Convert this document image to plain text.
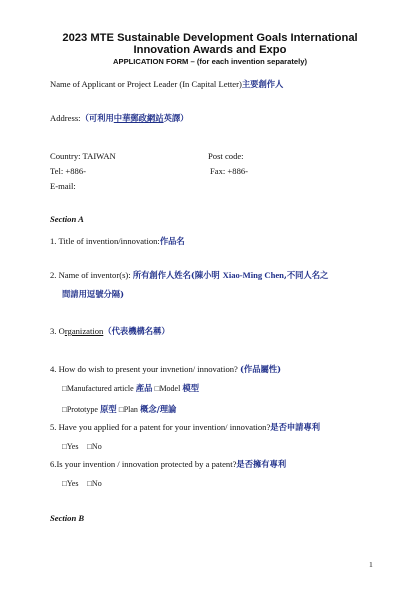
2023 MTE Sustainable Development Goals International
Innovation Awards and Expo
APPLICATION FORM – (for each invention separately)
Name of Applicant or Project Leader (In Capital Letter)主要創作人
Address:（可利用中華郵政網站英譯）
Country: TAIWAN	Post code:
Tel: +886-	Fax: +886-
E-mail:
Section A
1. Title of invention/innovation:作品名
2. Name of inventor(s): 所有創作人姓名(陳小明 Xiao-Ming Chen,不同人名之
間請用逗號分隔)
3. Organization（代表機構名稱）
4. How do wish to present your invnetion/ innovation? (作品屬性)
□Manufactured article 產品 □Model 模型
□Prototype 原型 □Plan 概念/理論
5. Have you applied for a patent for your invention/ innovation?是否申請專利
□Yes □No
6.Is your invention / innovation protected by a patent?是否擁有專利
□Yes □No
Section B
1
